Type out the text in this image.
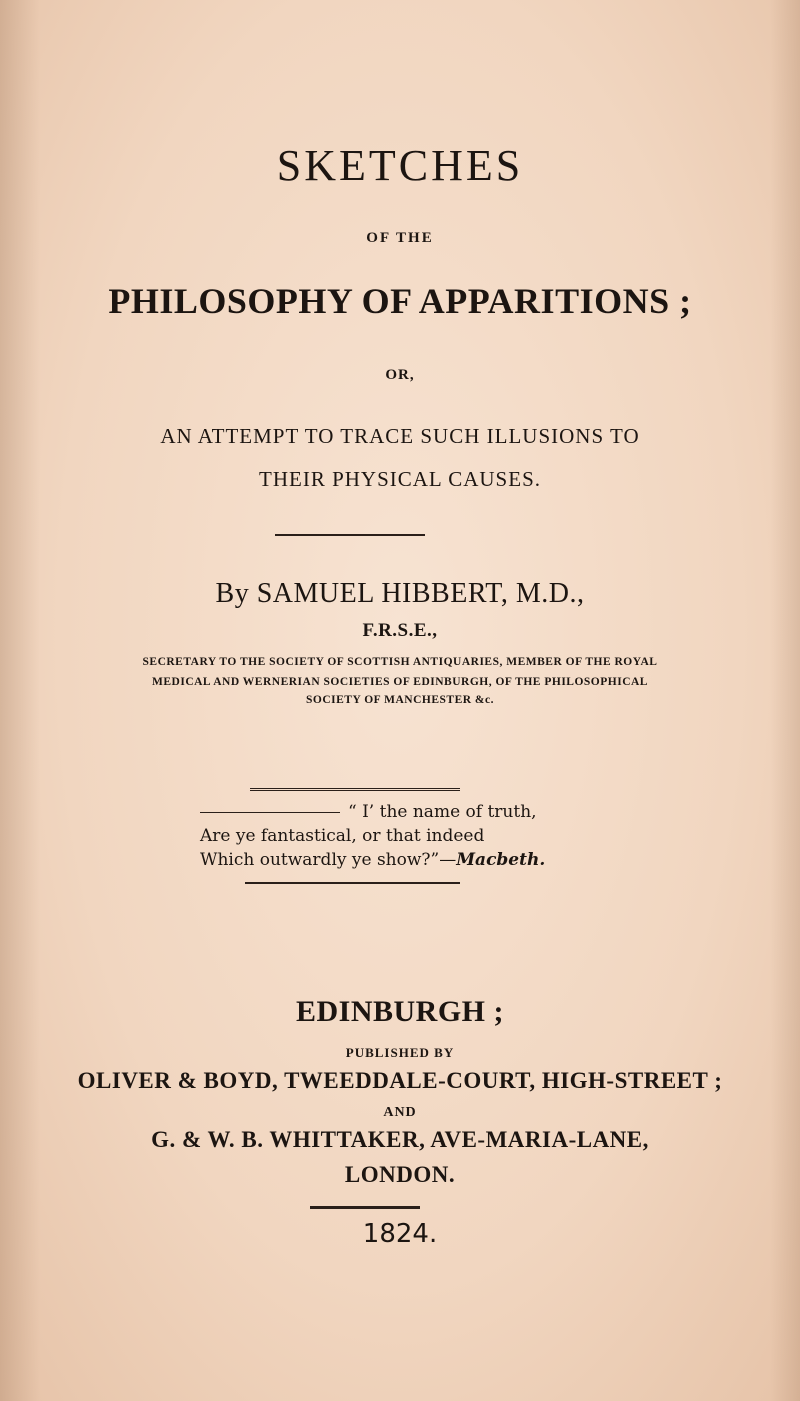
SKETCHES
OF THE
PHILOSOPHY OF APPARITIONS ;
OR,
AN ATTEMPT TO TRACE SUCH ILLUSIONS TO
THEIR PHYSICAL CAUSES.
By SAMUEL HIBBERT, M.D.,
F.R.S.E.,
SECRETARY TO THE SOCIETY OF SCOTTISH ANTIQUARIES, MEMBER OF THE ROYAL
MEDICAL AND WERNERIAN SOCIETIES OF EDINBURGH, OF THE PHILOSOPHICAL
SOCIETY OF MANCHESTER &c.
“ I’ the name of truth,
Are ye fantastical, or that indeed
Which outwardly ye show?”—Macbeth.
EDINBURGH ;
PUBLISHED BY
OLIVER & BOYD, TWEEDDALE-COURT, HIGH-STREET ;
AND
G. & W. B. WHITTAKER, AVE-MARIA-LANE,
LONDON.
1824.
